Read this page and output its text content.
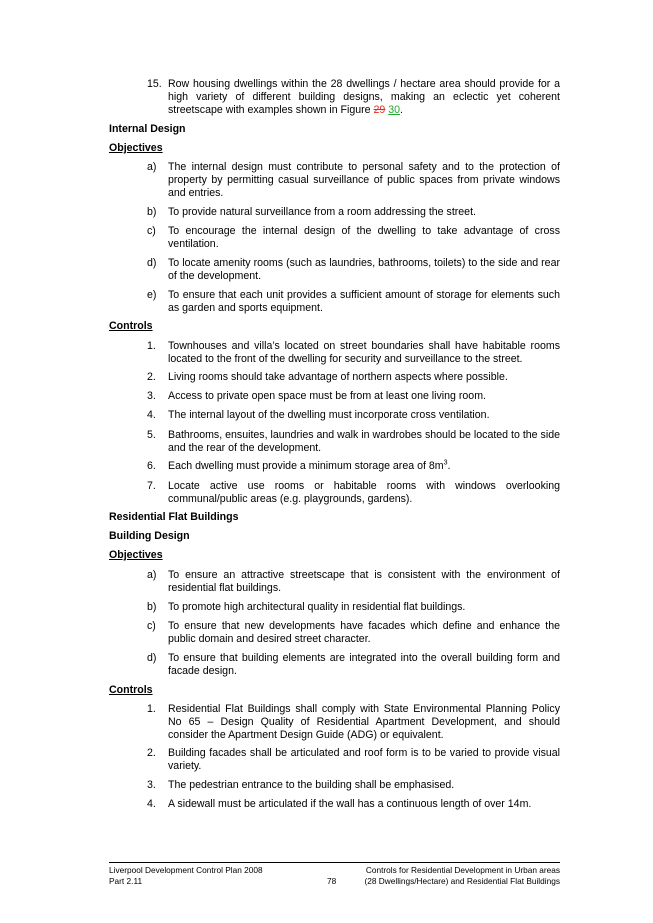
15. Row housing dwellings within the 28 dwellings / hectare area should provide for a high variety of different building designs, making an eclectic yet coherent streetscape with examples shown in Figure 29 30.
Internal Design
Objectives
a)	The internal design must contribute to personal safety and to the protection of property by permitting casual surveillance of public spaces from private windows and entries.
b)	To provide natural surveillance from a room addressing the street.
c)	To encourage the internal design of the dwelling to take advantage of cross ventilation.
d)	To locate amenity rooms (such as laundries, bathrooms, toilets) to the side and rear of the development.
e)	To ensure that each unit provides a sufficient amount of storage for elements such as garden and sports equipment.
Controls
1.	Townhouses and villa’s located on street boundaries shall have habitable rooms located to the front of the dwelling for security and surveillance to the street.
2.	Living rooms should take advantage of northern aspects where possible.
3.	Access to private open space must be from at least one living room.
4.	The internal layout of the dwelling must incorporate cross ventilation.
5.	Bathrooms, ensuites, laundries and walk in wardrobes should be located to the side and the rear of the development.
6.	Each dwelling must provide a minimum storage area of $8m^3$.
7.	Locate active use rooms or habitable rooms with windows overlooking communal/public areas (e.g. playgrounds, gardens).
Residential Flat Buildings
Building Design
Objectives
a)	To ensure an attractive streetscape that is consistent with the environment of residential flat buildings.
b)	To promote high architectural quality in residential flat buildings.
c)	To ensure that new developments have facades which define and enhance the public domain and desired street character.
d)	To ensure that building elements are integrated into the overall building form and facade design.
Controls
1.	Residential Flat Buildings shall comply with State Environmental Planning Policy No 65 – Design Quality of Residential Apartment Development, and should consider the Apartment Design Guide (ADG) or equivalent.
2.	Building facades shall be articulated and roof form is to be varied to provide visual variety.
3.	The pedestrian entrance to the building shall be emphasised.
4.	A sidewall must be articulated if the wall has a continuous length of over 14m.
Liverpool Development Control Plan 2008
Part 2.11	78
Controls for Residential Development in Urban areas
(28 Dwellings/Hectare) and Residential Flat Buildings
